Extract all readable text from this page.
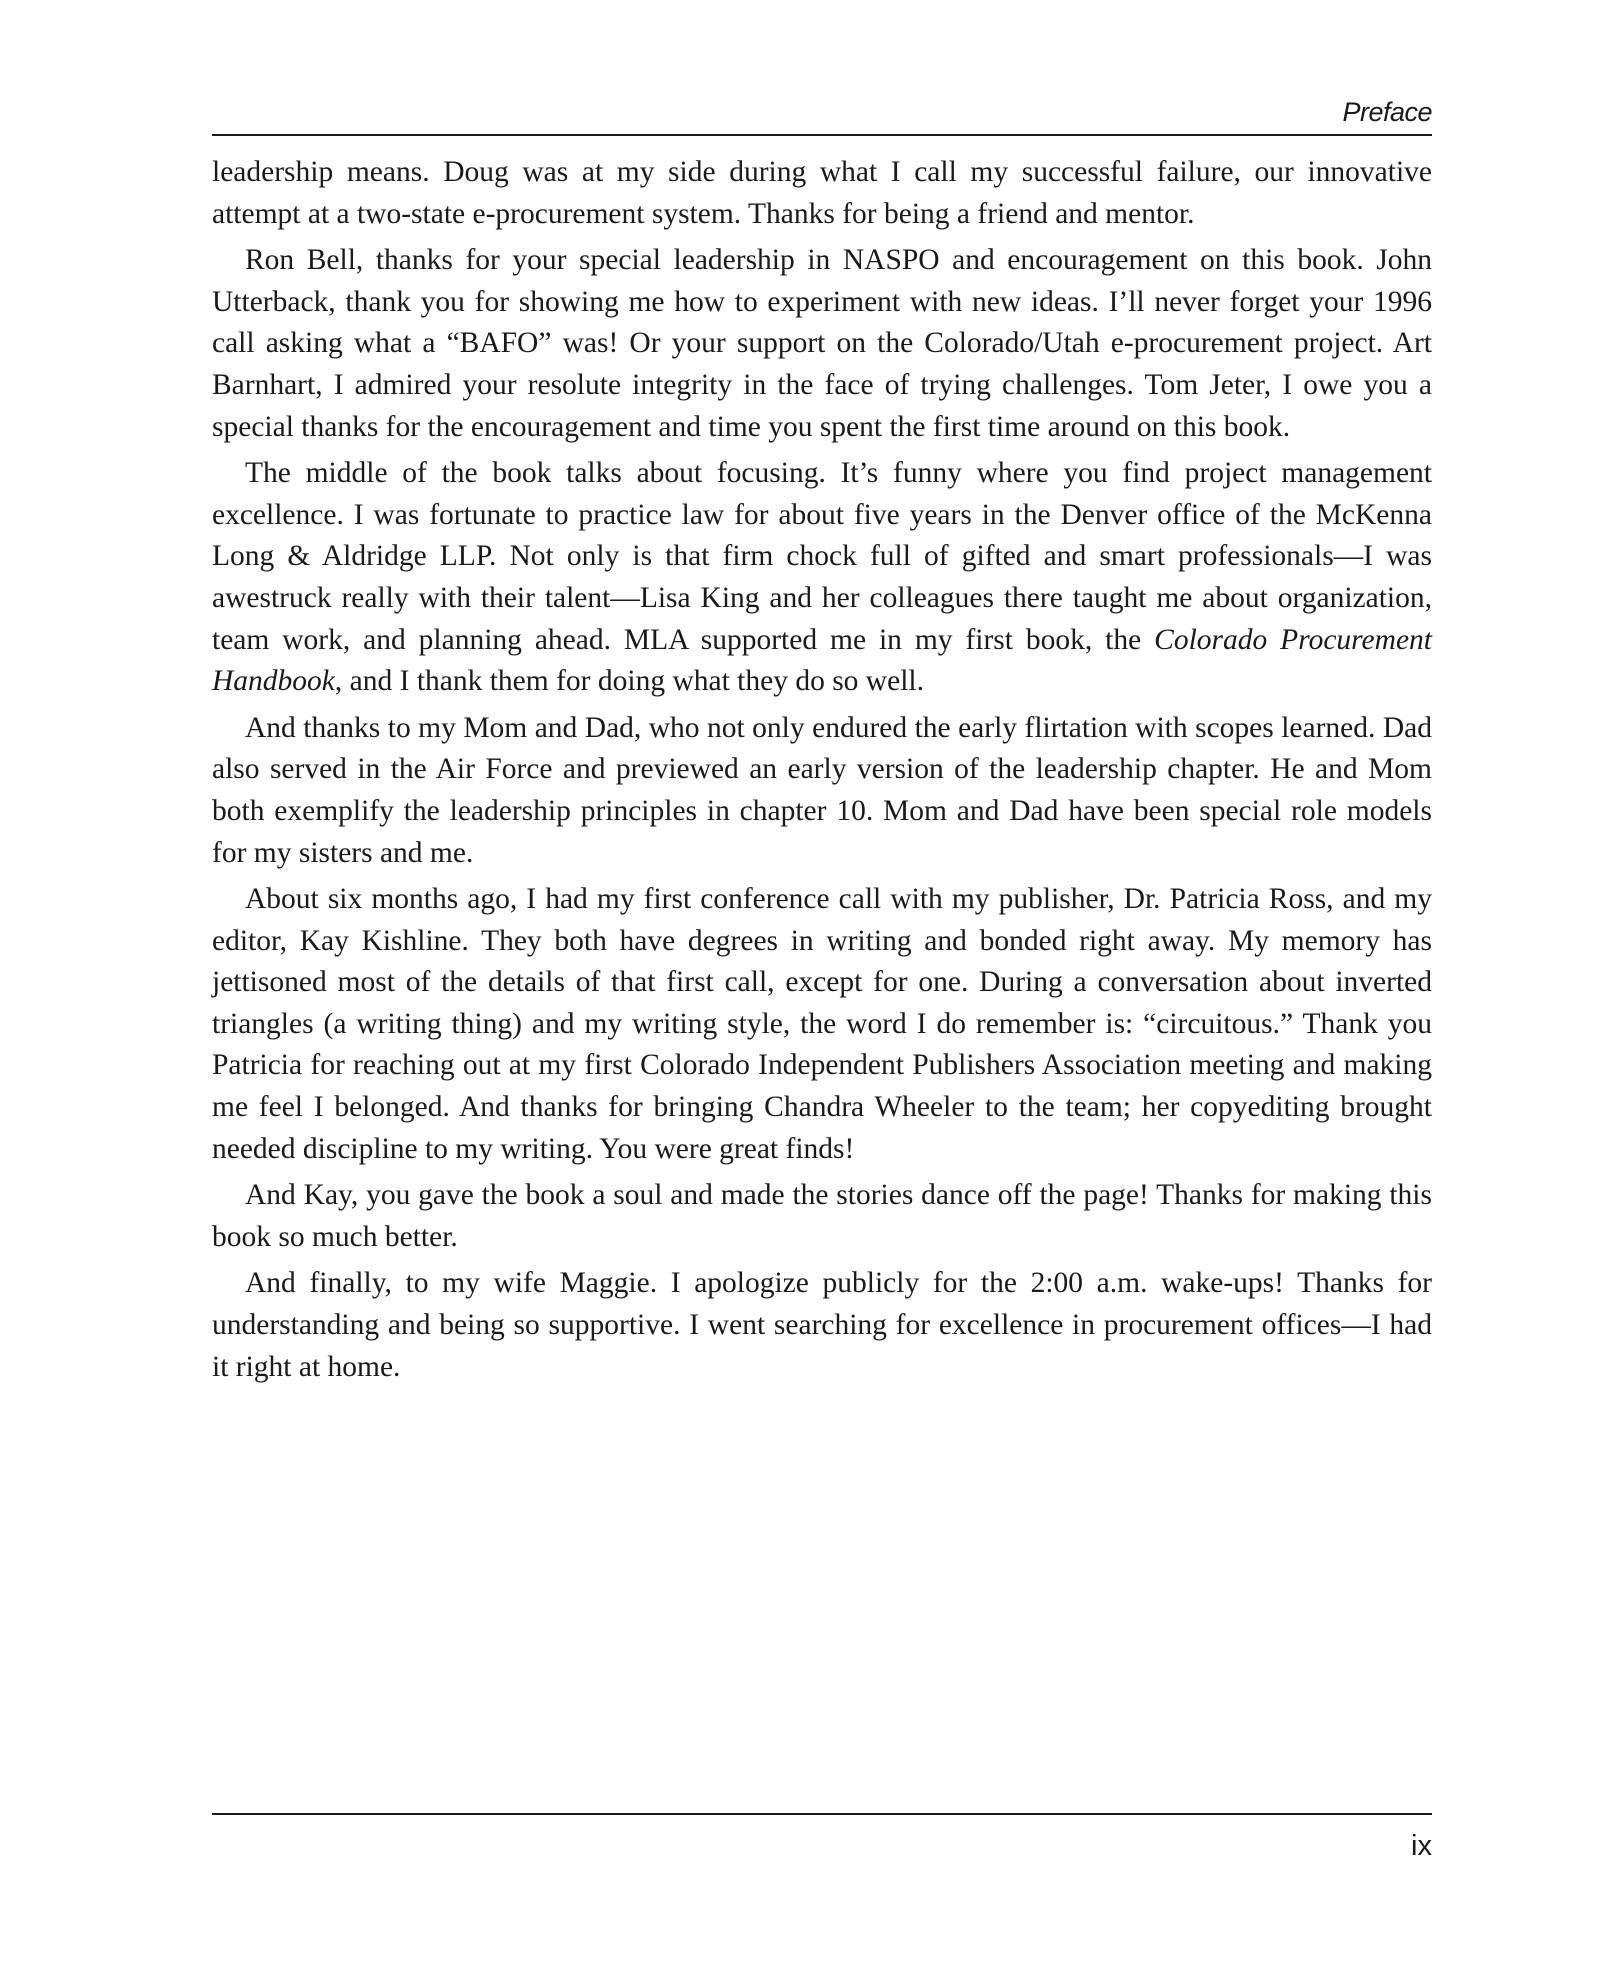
Preface

leadership means. Doug was at my side during what I call my successful failure, our innovative attempt at a two-state e-procurement system. Thanks for being a friend and mentor.

Ron Bell, thanks for your special leadership in NASPO and encouragement on this book. John Utterback, thank you for showing me how to experiment with new ideas. I’ll never forget your 1996 call asking what a “BAFO” was! Or your support on the Colorado/Utah e-procurement project. Art Barnhart, I admired your resolute integrity in the face of trying challenges. Tom Jeter, I owe you a special thanks for the encouragement and time you spent the first time around on this book.

The middle of the book talks about focusing. It’s funny where you find project management excellence. I was fortunate to practice law for about five years in the Denver office of the McKenna Long & Aldridge LLP. Not only is that firm chock full of gifted and smart professionals—I was awestruck really with their talent—Lisa King and her colleagues there taught me about organization, team work, and planning ahead. MLA supported me in my first book, the Colorado Procurement Handbook, and I thank them for doing what they do so well.

And thanks to my Mom and Dad, who not only endured the early flirtation with scopes learned. Dad also served in the Air Force and previewed an early version of the leadership chapter. He and Mom both exemplify the leadership principles in chapter 10. Mom and Dad have been special role models for my sisters and me.

About six months ago, I had my first conference call with my publisher, Dr. Patricia Ross, and my editor, Kay Kishline. They both have degrees in writing and bonded right away. My memory has jettisoned most of the details of that first call, except for one. During a conversation about inverted triangles (a writing thing) and my writing style, the word I do remember is: “circuitous.” Thank you Patricia for reaching out at my first Colorado Independent Publishers Association meeting and making me feel I belonged. And thanks for bringing Chandra Wheeler to the team; her copyediting brought needed discipline to my writing. You were great finds!

And Kay, you gave the book a soul and made the stories dance off the page! Thanks for making this book so much better.

And finally, to my wife Maggie. I apologize publicly for the 2:00 a.m. wake-ups! Thanks for understanding and being so supportive. I went searching for excellence in procurement offices—I had it right at home.

ix
